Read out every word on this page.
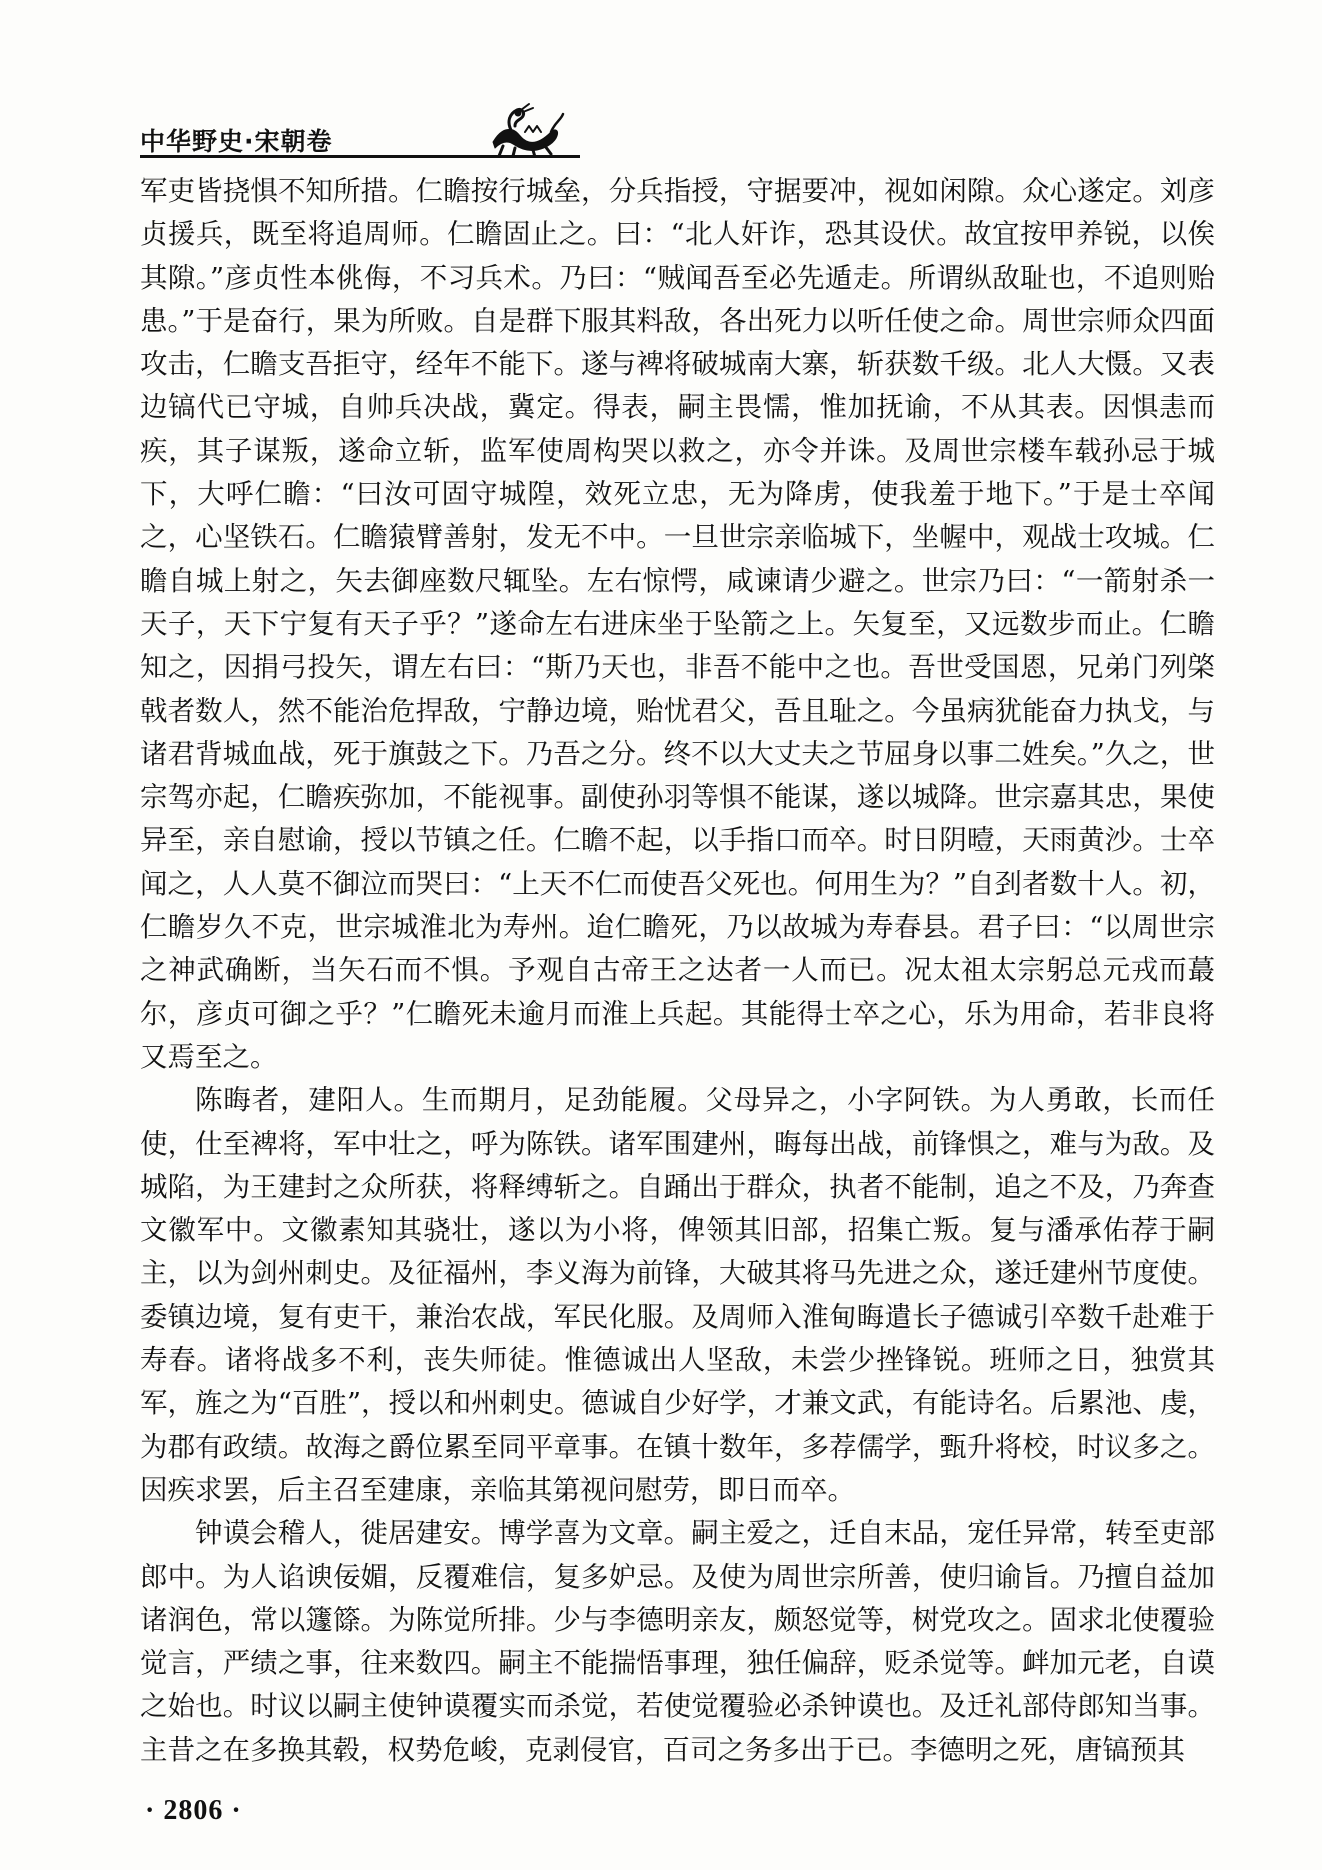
中华野史·宋朝卷

军吏皆挠惧不知所措。仁瞻按行城垒，分兵指授，守据要冲，视如闲隙。众心遂定。刘彦贞援兵，既至将追周师。仁瞻固止之。曰：“北人奸诈，恐其设伏。故宜按甲养锐，以俟其隙。”彦贞性本佻侮，不习兵术。乃曰：“贼闻吾至必先遁走。所谓纵敌耻也，不追则贻患。”于是奋行，果为所败。自是群下服其料敌，各出死力以听任使之命。周世宗师众四面攻击，仁瞻支吾拒守，经年不能下。遂与裨将破城南大寨，斩获数千级。北人大慑。又表边镐代已守城，自帅兵决战，冀定。得表，嗣主畏懦，惟加抚谕，不从其表。因惧恚而疾，其子谋叛，遂命立斩，监军使周构哭以救之，亦令并诛。及周世宗楼车载孙忌于城下，大呼仁瞻：“曰汝可固守城隍，效死立忠，无为降虏，使我羞于地下。”于是士卒闻之，心坚铁石。仁瞻猿臂善射，发无不中。一旦世宗亲临城下，坐幄中，观战士攻城。仁瞻自城上射之，矢去御座数尺辄坠。左右惊愕，咸谏请少避之。世宗乃曰：“一箭射杀一天子，天下宁复有天子乎？”遂命左右进床坐于坠箭之上。矢复至，又远数步而止。仁瞻知之，因捐弓投矢，谓左右曰：“斯乃天也，非吾不能中之也。吾世受国恩，兄弟门列棨戟者数人，然不能治危捍敌，宁静边境，贻忧君父，吾且耻之。今虽病犹能奋力执戈，与诸君背城血战，死于旗鼓之下。乃吾之分。终不以大丈夫之节屈身以事二姓矣。”久之，世宗驾亦起，仁瞻疾弥加，不能视事。副使孙羽等惧不能谋，遂以城降。世宗嘉其忠，果使异至，亲自慰谕，授以节镇之任。仁瞻不起，以手指口而卒。时日阴曀，天雨黄沙。士卒闻之，人人莫不御泣而哭曰：“上天不仁而使吾父死也。何用生为？”自刭者数十人。初，仁瞻岁久不克，世宗城淮北为寿州。迨仁瞻死，乃以故城为寿春县。君子曰：“以周世宗之神武确断，当矢石而不惧。予观自古帝王之达者一人而已。况太祖太宗躬总元戎而蕞尔，彦贞可御之乎？”仁瞻死未逾月而淮上兵起。其能得士卒之心，乐为用命，若非良将又焉至之。

陈晦者，建阳人。生而期月，足劲能履。父母异之，小字阿铁。为人勇敢，长而任使，仕至裨将，军中壮之，呼为陈铁。诸军围建州，晦每出战，前锋惧之，难与为敌。及城陷，为王建封之众所获，将释缚斩之。自踊出于群众，执者不能制，追之不及，乃奔查文徽军中。文徽素知其骁壮，遂以为小将，俾领其旧部，招集亡叛。复与潘承佑荐于嗣主，以为剑州刺史。及征福州，李义海为前锋，大破其将马先进之众，遂迁建州节度使。委镇边境，复有吏干，兼治农战，军民化服。及周师入淮甸晦遣长子德诚引卒数千赴难于寿春。诸将战多不利，丧失师徒。惟德诚出人坚敌，未尝少挫锋锐。班师之日，独赏其军，旌之为“百胜”，授以和州刺史。德诚自少好学，才兼文武，有能诗名。后累池、虔，为郡有政绩。故海之爵位累至同平章事。在镇十数年，多荐儒学，甄升将校，时议多之。因疾求罢，后主召至建康，亲临其第视问慰劳，即日而卒。

钟谟会稽人，徙居建安。博学喜为文章。嗣主爱之，迁自末品，宠任异常，转至吏部郎中。为人谄谀佞媚，反覆难信，复多妒忌。及使为周世宗所善，使归谕旨。乃擅自益加诸润色，常以籧篨。为陈觉所排。少与李德明亲友，颇怒觉等，树党攻之。固求北使覆验觉言，严绩之事，往来数四。嗣主不能揣悟事理，独任偏辞，贬杀觉等。衅加元老，自谟之始也。时议以嗣主使钟谟覆实而杀觉，若使觉覆验必杀钟谟也。及迁礼部侍郎知当事。主昔之在多换其毂，权势危峻，克剥侵官，百司之务多出于已。李德明之死，唐镐预其

· 2806 ·
